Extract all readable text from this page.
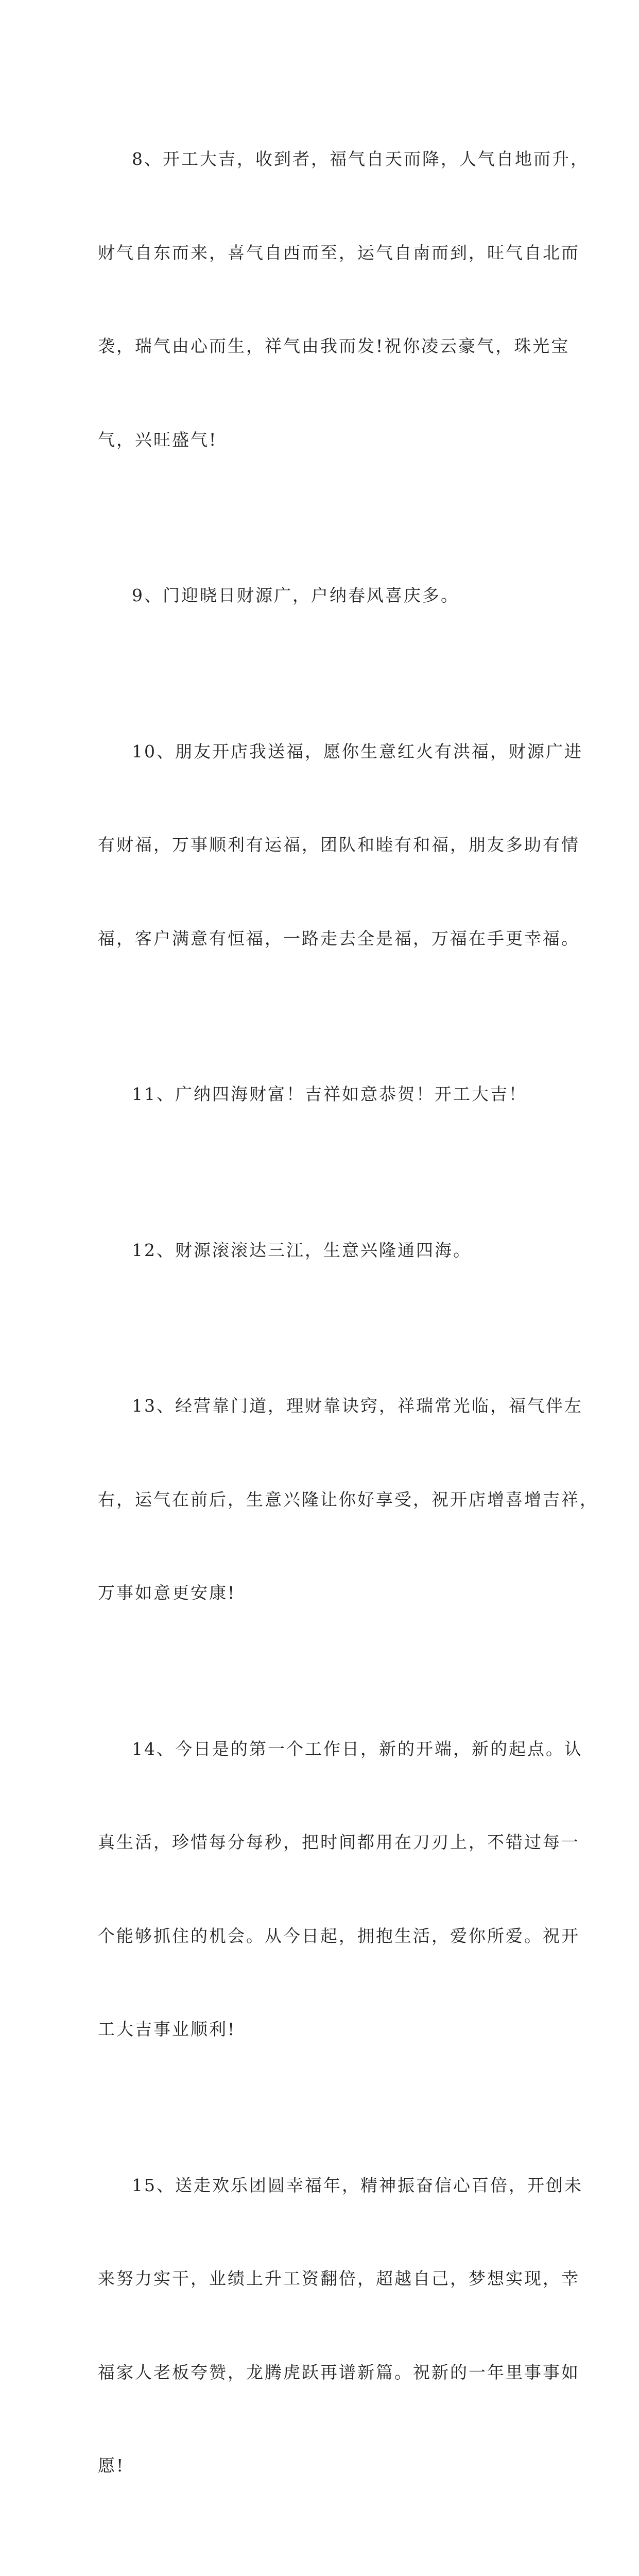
8、开工大吉，收到者，福气自天而降，人气自地而升，

财气自东而来，喜气自西而至，运气自南而到，旺气自北而

袭，瑞气由心而生，祥气由我而发!祝你凌云豪气，珠光宝

气，兴旺盛气!

9、门迎晓日财源广，户纳春风喜庆多。

10、朋友开店我送福，愿你生意红火有洪福，财源广进

有财福，万事顺利有运福，团队和睦有和福，朋友多助有情

福，客户满意有恒福，一路走去全是福，万福在手更幸福。

11、广纳四海财富！吉祥如意恭贺！开工大吉！

12、财源滚滚达三江，生意兴隆通四海。

13、经营靠门道，理财靠诀窍，祥瑞常光临，福气伴左

右，运气在前后，生意兴隆让你好享受，祝开店增喜增吉祥，

万事如意更安康!

14、今日是的第一个工作日，新的开端，新的起点。认

真生活，珍惜每分每秒，把时间都用在刀刃上，不错过每一

个能够抓住的机会。从今日起，拥抱生活，爱你所爱。祝开

工大吉事业顺利!

15、送走欢乐团圆幸福年，精神振奋信心百倍，开创未

来努力实干，业绩上升工资翻倍，超越自己，梦想实现，幸

福家人老板夸赞，龙腾虎跃再谱新篇。祝新的一年里事事如

愿!
